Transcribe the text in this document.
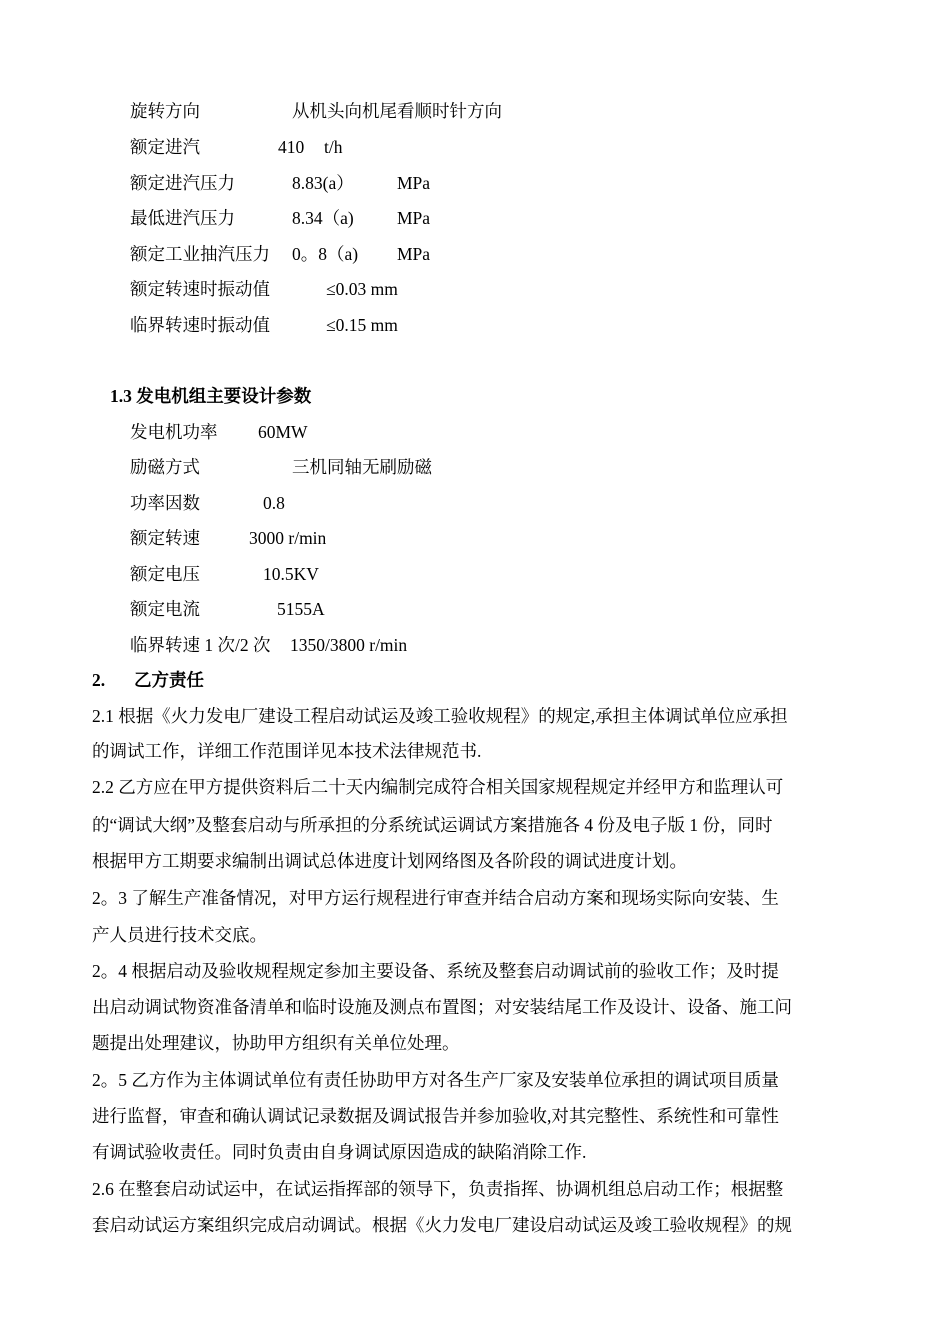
旋转方向	从机头向机尾看顺时针方向
额定进汽	410 t/h
额定进汽压力	8.83(a） MPa
最低进汽压力	8.34（a) MPa
额定工业抽汽压力 0。8（a) MPa
额定转速时振动值	≤0.03 mm
临界转速时振动值	≤0.15 mm
1.3 发电机组主要设计参数
发电机功率 60MW
励磁方式	三机同轴无刷励磁
功率因数	0.8
额定转速	3000 r/min
额定电压	10.5KV
额定电流	5155A
临界转速 1 次/2 次 1350/3800 r/min
2. 乙方责任
2.1 根据《火力发电厂建设工程启动试运及竣工验收规程》的规定,承担主体调试单位应承担
的调试工作，详细工作范围详见本技术法律规范书.
2.2 乙方应在甲方提供资料后二十天内编制完成符合相关国家规程规定并经甲方和监理认可
的“调试大纲”及整套启动与所承担的分系统试运调试方案措施各 4 份及电子版 1 份，同时
根据甲方工期要求编制出调试总体进度计划网络图及各阶段的调试进度计划。
2。3 了解生产准备情况，对甲方运行规程进行审查并结合启动方案和现场实际向安装、生
产人员进行技术交底。
2。4 根据启动及验收规程规定参加主要设备、系统及整套启动调试前的验收工作；及时提
出启动调试物资准备清单和临时设施及测点布置图；对安装结尾工作及设计、设备、施工问
题提出处理建议，协助甲方组织有关单位处理。
2。5 乙方作为主体调试单位有责任协助甲方对各生产厂家及安装单位承担的调试项目质量
进行监督，审查和确认调试记录数据及调试报告并参加验收,对其完整性、系统性和可靠性
有调试验收责任。同时负责由自身调试原因造成的缺陷消除工作.
2.6 在整套启动试运中，在试运指挥部的领导下，负责指挥、协调机组总启动工作；根据整
套启动试运方案组织完成启动调试。根据《火力发电厂建设启动试运及竣工验收规程》的规
